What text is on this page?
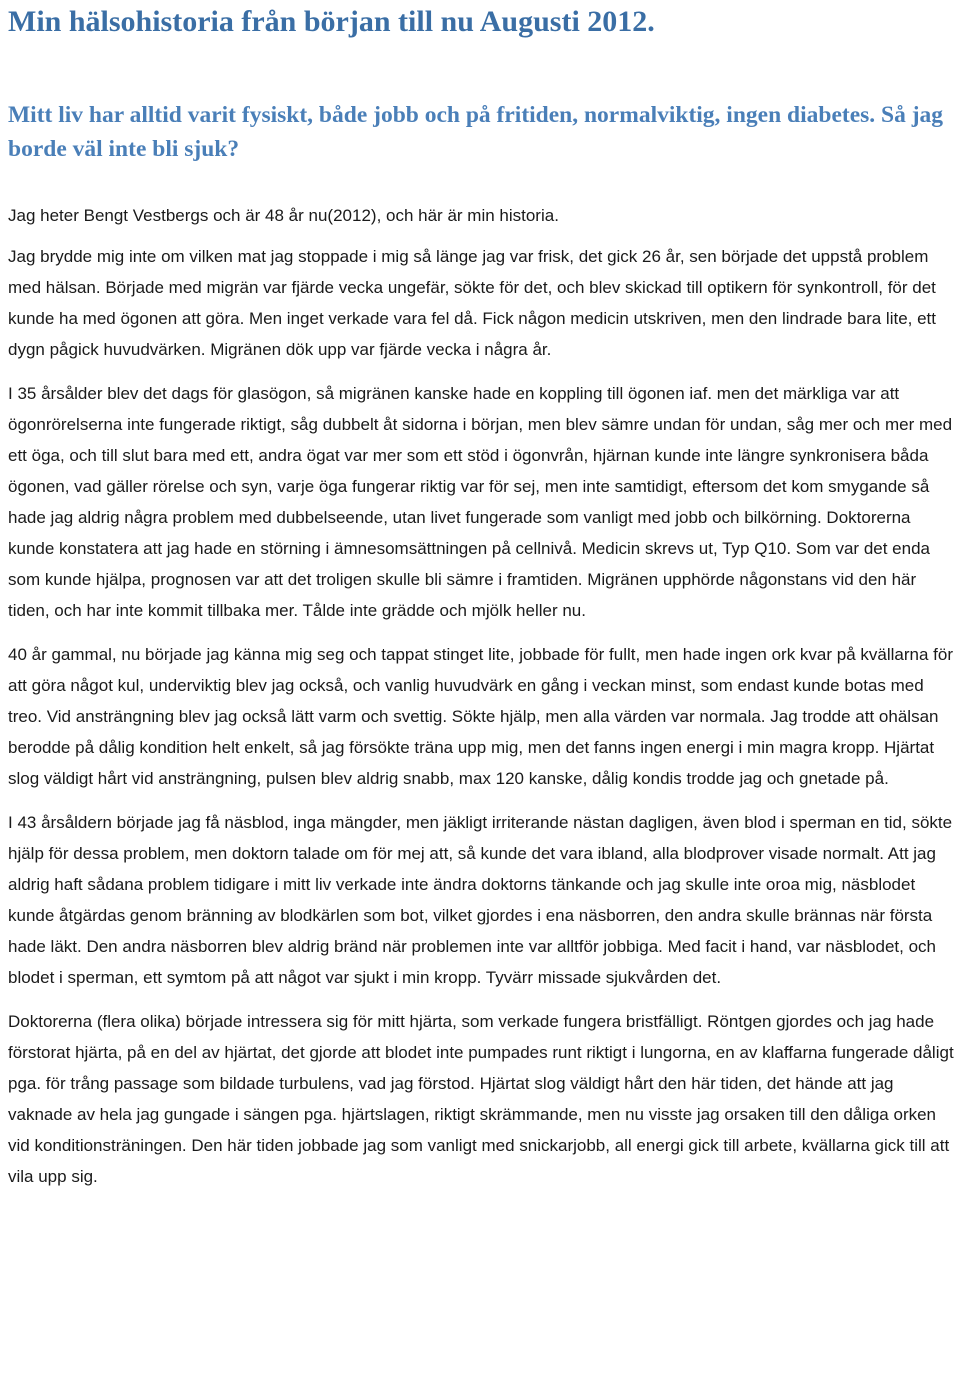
Min hälsohistoria från början till nu Augusti 2012.
Mitt liv har alltid varit fysiskt, både jobb och på fritiden, normalviktig, ingen diabetes. Så jag borde väl inte bli sjuk?

Jag heter Bengt Vestbergs och är 48 år nu(2012), och här är min historia.

Jag brydde mig inte om vilken mat jag stoppade i mig så länge jag var frisk, det gick 26 år, sen började det uppstå problem med hälsan. Började med migrän var fjärde vecka ungefär, sökte för det, och blev skickad till optikern för synkontroll, för det kunde ha med ögonen att göra. Men inget verkade vara fel då. Fick någon medicin utskriven, men den lindrade bara lite, ett dygn pågick huvudvärken. Migränen dök upp var fjärde vecka i några år.

I 35 årsålder blev det dags för glasögon, så migränen kanske hade en koppling till ögonen iaf. men det märkliga var att ögonrörelserna inte fungerade riktigt, såg dubbelt åt sidorna i början, men blev sämre undan för undan, såg mer och mer med ett öga, och till slut bara med ett, andra ögat var mer som ett stöd i ögonvrån, hjärnan kunde inte längre synkronisera båda ögonen, vad gäller rörelse och syn, varje öga fungerar riktig var för sej, men inte samtidigt, eftersom det kom smygande så hade jag aldrig några problem med dubbelseende, utan livet fungerade som vanligt med jobb och bilkörning. Doktorerna kunde konstatera att jag hade en störning i ämnesomsättningen på cellnivå. Medicin skrevs ut, Typ Q10. Som var det enda som kunde hjälpa, prognosen var att det troligen skulle bli sämre i framtiden. Migränen upphörde någonstans vid den här tiden, och har inte kommit tillbaka mer. Tålde inte grädde och mjölk heller nu.

40 år gammal, nu började jag känna mig seg och tappat stinget lite, jobbade för fullt, men hade ingen ork kvar på kvällarna för att göra något kul, underviktig blev jag också, och vanlig huvudvärk en gång i veckan minst, som endast kunde botas med treo. Vid ansträngning blev jag också lätt varm och svettig. Sökte hjälp, men alla värden var normala. Jag trodde att ohälsan berodde på dålig kondition helt enkelt, så jag försökte träna upp mig, men det fanns ingen energi i min magra kropp. Hjärtat slog väldigt hårt vid ansträngning, pulsen blev aldrig snabb, max 120 kanske, dålig kondis trodde jag och gnetade på.

I 43 årsåldern började jag få näsblod, inga mängder, men jäkligt irriterande nästan dagligen, även blod i sperman en tid, sökte hjälp för dessa problem, men doktorn talade om för mej att, så kunde det vara ibland, alla blodprover visade normalt. Att jag aldrig haft sådana problem tidigare i mitt liv verkade inte ändra doktorns tänkande och jag skulle inte oroa mig, näsblodet kunde åtgärdas genom bränning av blodkärlen som bot, vilket gjordes i ena näsborren, den andra skulle brännas när första hade läkt. Den andra näsborren blev aldrig bränd när problemen inte var alltför jobbiga. Med facit i hand, var näsblodet, och blodet i sperman, ett symtom på att något var sjukt i min kropp. Tyvärr missade sjukvården det.

Doktorerna (flera olika) började intressera sig för mitt hjärta, som verkade fungera bristfälligt. Röntgen gjordes och jag hade förstorat hjärta, på en del av hjärtat, det gjorde att blodet inte pumpades runt riktigt i lungorna, en av klaffarna fungerade dåligt pga. för trång passage som bildade turbulens, vad jag förstod. Hjärtat slog väldigt hårt den här tiden, det hände att jag vaknade av hela jag gungade i sängen pga. hjärtslagen, riktigt skrämmande, men nu visste jag orsaken till den dåliga orken vid konditionsträningen. Den här tiden jobbade jag som vanligt med snickarjobb, all energi gick till arbete, kvällarna gick till att vila upp sig.
